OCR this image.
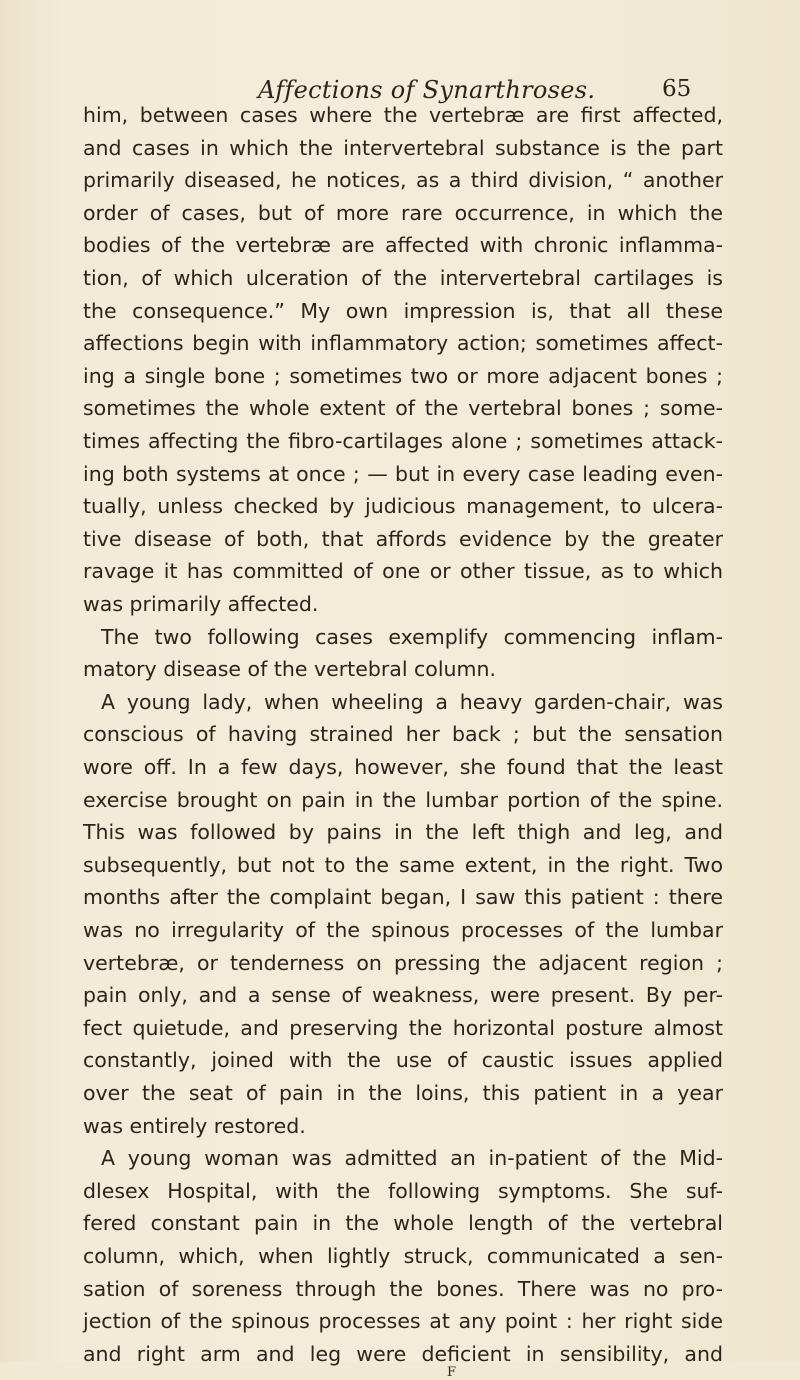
Affections of Synarthroses.	65
him, between cases where the vertebræ are first affected,
and cases in which the intervertebral substance is the part
primarily diseased, he notices, as a third division, “ another
order of cases, but of more rare occurrence, in which the
bodies of the vertebræ are affected with chronic inflamma-
tion, of which ulceration of the intervertebral cartilages is
the consequence.” My own impression is, that all these
affections begin with inflammatory action; sometimes affect-
ing a single bone ; sometimes two or more adjacent bones ;
sometimes the whole extent of the vertebral bones ; some-
times affecting the fibro-cartilages alone ; sometimes attack-
ing both systems at once ; — but in every case leading even-
tually, unless checked by judicious management, to ulcera-
tive disease of both, that affords evidence by the greater
ravage it has committed of one or other tissue, as to which
was primarily affected.
The two following cases exemplify commencing inflam-
matory disease of the vertebral column.
A young lady, when wheeling a heavy garden-chair, was
conscious of having strained her back ; but the sensation
wore off. In a few days, however, she found that the least
exercise brought on pain in the lumbar portion of the spine.
This was followed by pains in the left thigh and leg, and
subsequently, but not to the same extent, in the right. Two
months after the complaint began, I saw this patient : there
was no irregularity of the spinous processes of the lumbar
vertebræ, or tenderness on pressing the adjacent region ;
pain only, and a sense of weakness, were present. By per-
fect quietude, and preserving the horizontal posture almost
constantly, joined with the use of caustic issues applied
over the seat of pain in the loins, this patient in a year
was entirely restored.
A young woman was admitted an in-patient of the Mid-
dlesex Hospital, with the following symptoms. She suf-
fered constant pain in the whole length of the vertebral
column, which, when lightly struck, communicated a sen-
sation of soreness through the bones. There was no pro-
jection of the spinous processes at any point : her right side
and right arm and leg were deficient in sensibility, and
F
